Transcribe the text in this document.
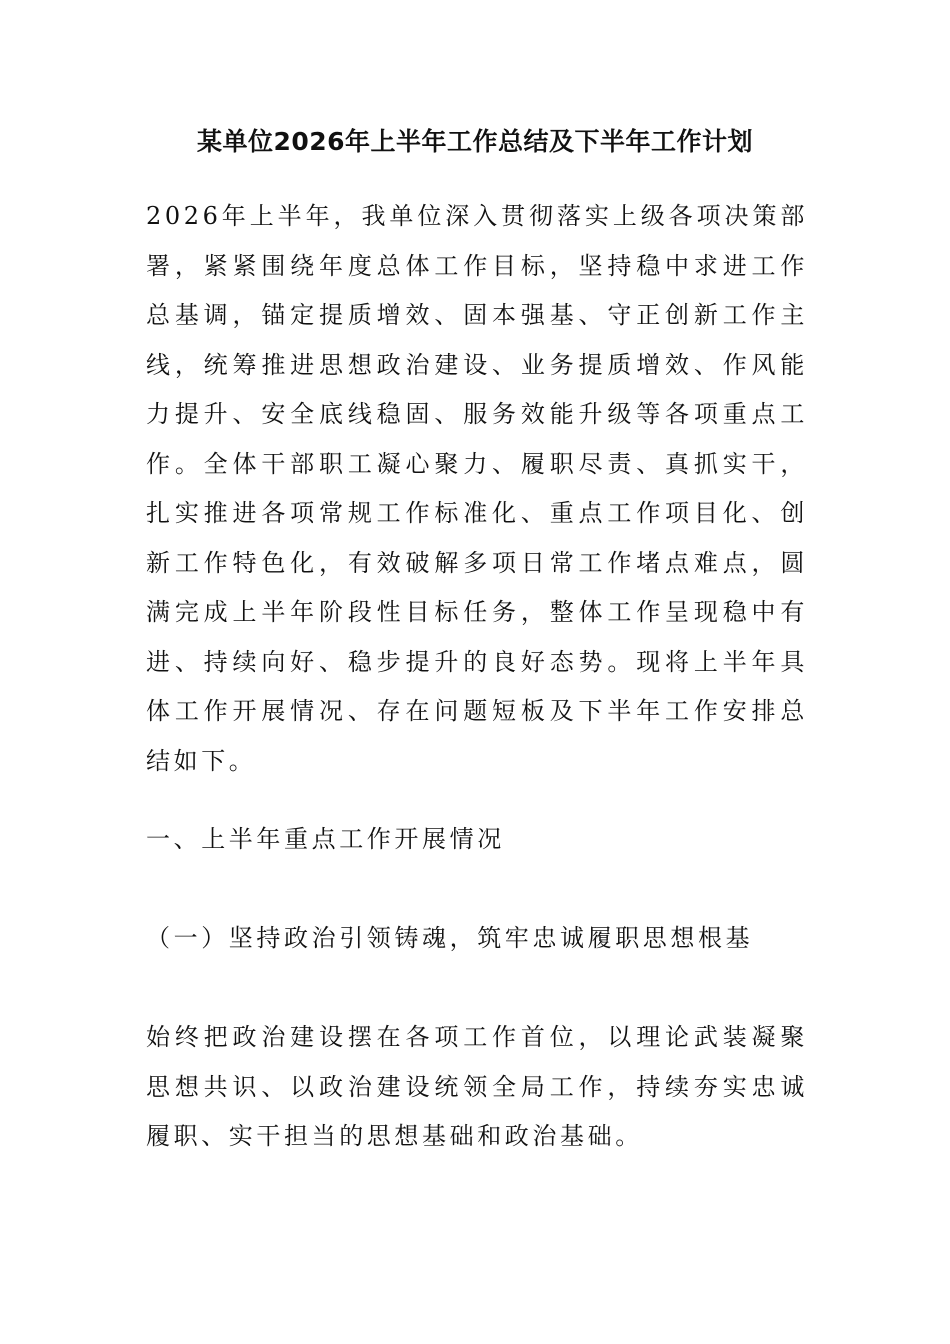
某单位2026年上半年工作总结及下半年工作计划

2026年上半年，我单位深入贯彻落实上级各项决策部署，紧紧围绕年度总体工作目标，坚持稳中求进工作总基调，锚定提质增效、固本强基、守正创新工作主线，统筹推进思想政治建设、业务提质增效、作风能力提升、安全底线稳固、服务效能升级等各项重点工作。全体干部职工凝心聚力、履职尽责、真抓实干，扎实推进各项常规工作标准化、重点工作项目化、创新工作特色化，有效破解多项日常工作堵点难点，圆满完成上半年阶段性目标任务，整体工作呈现稳中有进、持续向好、稳步提升的良好态势。现将上半年具体工作开展情况、存在问题短板及下半年工作安排总结如下。

一、上半年重点工作开展情况
（一）坚持政治引领铸魂，筑牢忠诚履职思想根基

始终把政治建设摆在各项工作首位，以理论武装凝聚思想共识、以政治建设统领全局工作，持续夯实忠诚履职、实干担当的思想基础和政治基础。
